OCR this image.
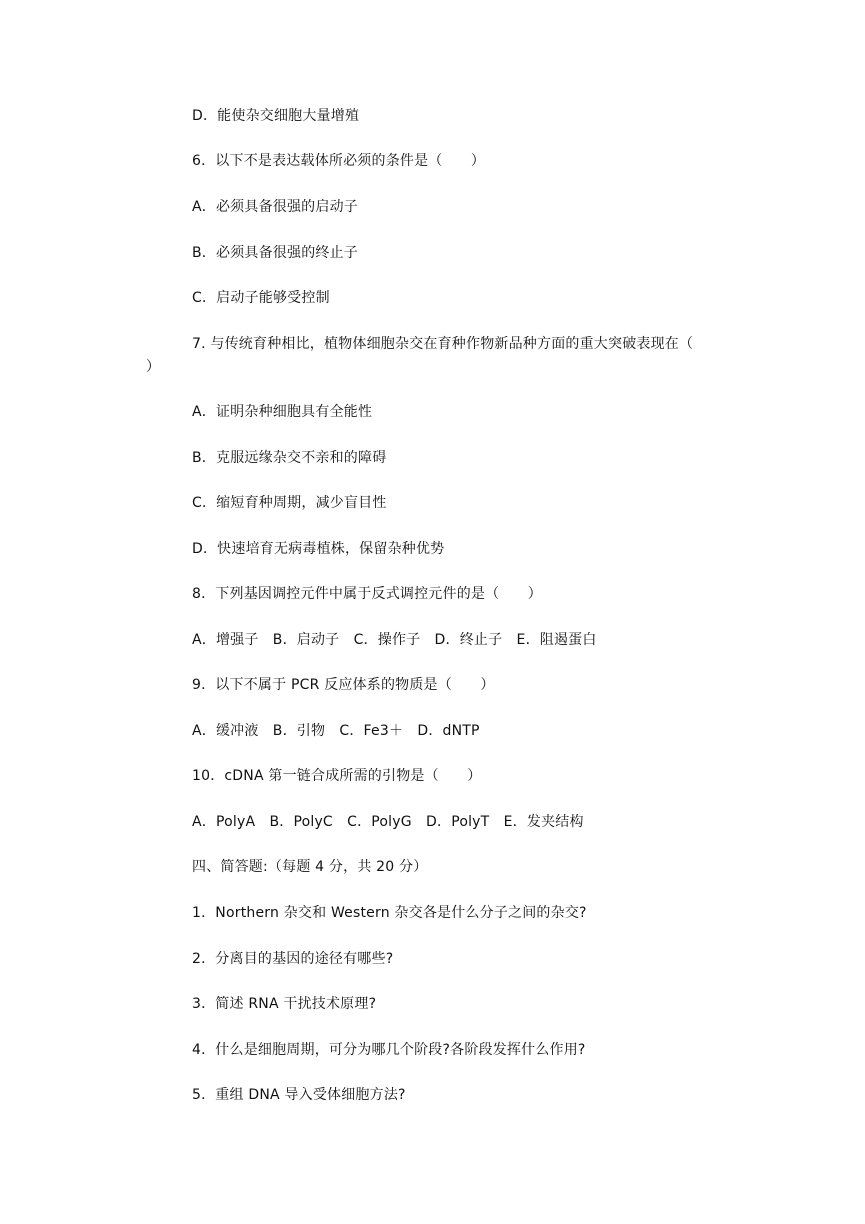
D．能使杂交细胞大量增殖
6．以下不是表达载体所必须的条件是（　　）
A．必须具备很强的启动子
B．必须具备很强的终止子
C．启动子能够受控制
7. 与传统育种相比，植物体细胞杂交在育种作物新品种方面的重大突破表现在（
）
A．证明杂种细胞具有全能性
B．克服远缘杂交不亲和的障碍
C．缩短育种周期，减少盲目性
D．快速培育无病毒植株，保留杂种优势
8．下列基因调控元件中属于反式调控元件的是（　　）
A．增强子　B．启动子　C．操作子　D．终止子　E．阻遏蛋白
9．以下不属于 PCR 反应体系的物质是（　　）
A．缓冲液　B．引物　C．Fe3＋　D．dNTP
10．cDNA 第一链合成所需的引物是（　　）
A．PolyA　B．PolyC　C．PolyG　D．PolyT　E．发夹结构
四、简答题:（每题 4 分，共 20 分）
1．Northern 杂交和 Western 杂交各是什么分子之间的杂交?
2．分离目的基因的途径有哪些?
3．简述 RNA 干扰技术原理?
4．什么是细胞周期，可分为哪几个阶段?各阶段发挥什么作用?
5．重组 DNA 导入受体细胞方法?
